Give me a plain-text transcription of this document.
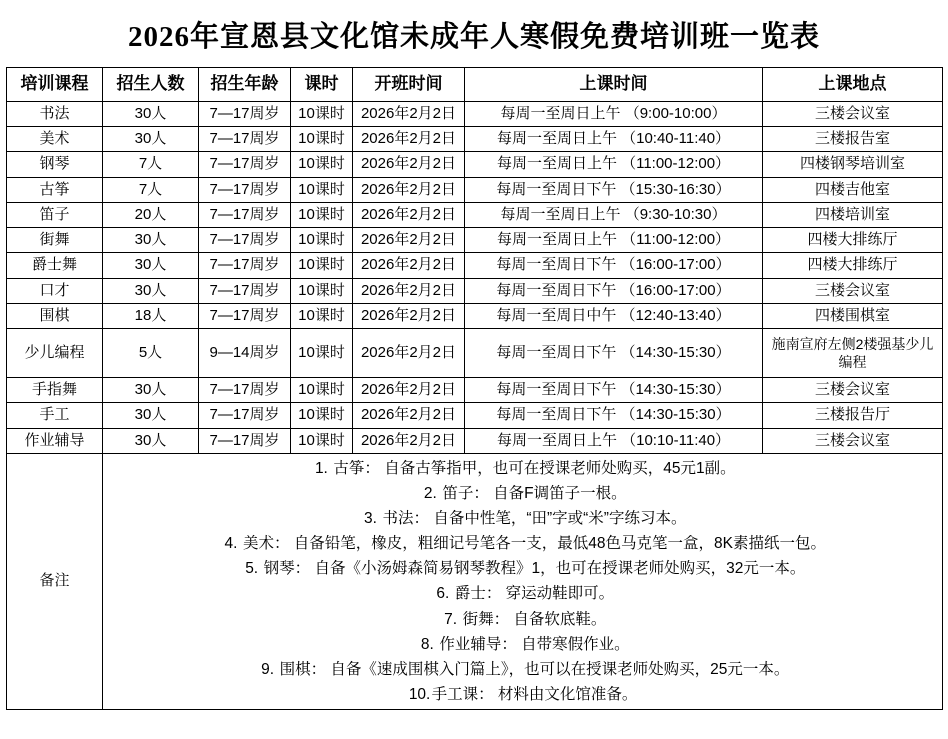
2026年宣恩县文化馆未成年人寒假免费培训班一览表
培训课程	招生人数	招生年龄	课时	开班时间	上课时间	上课地点
书法	30人	7—17周岁	10课时	2026年2月2日	每周一至周日上午 （9:00-10:00）	三楼会议室
美术	30人	7—17周岁	10课时	2026年2月2日	每周一至周日上午 （10:40-11:40）	三楼报告室
钢琴	7人	7—17周岁	10课时	2026年2月2日	每周一至周日上午 （11:00-12:00）	四楼钢琴培训室
古筝	7人	7—17周岁	10课时	2026年2月2日	每周一至周日下午 （15:30-16:30）	四楼吉他室
笛子	20人	7—17周岁	10课时	2026年2月2日	每周一至周日上午 （9:30-10:30）	四楼培训室
街舞	30人	7—17周岁	10课时	2026年2月2日	每周一至周日上午 （11:00-12:00）	四楼大排练厅
爵士舞	30人	7—17周岁	10课时	2026年2月2日	每周一至周日下午 （16:00-17:00）	四楼大排练厅
口才	30人	7—17周岁	10课时	2026年2月2日	每周一至周日下午 （16:00-17:00）	三楼会议室
围棋	18人	7—17周岁	10课时	2026年2月2日	每周一至周日中午 （12:40-13:40）	四楼围棋室
少儿编程	5人	9—14周岁	10课时	2026年2月2日	每周一至周日下午 （14:30-15:30）	施南宣府左侧2楼强基少儿编程
手指舞	30人	7—17周岁	10课时	2026年2月2日	每周一至周日下午 （14:30-15:30）	三楼会议室
手工	30人	7—17周岁	10课时	2026年2月2日	每周一至周日下午 （14:30-15:30）	三楼报告厅
作业辅导	30人	7—17周岁	10课时	2026年2月2日	每周一至周日上午 （10:10-11:40）	三楼会议室
备注	
1. 古筝： 自备古筝指甲，也可在授课老师处购买，45元1副。
2. 笛子： 自备F调笛子一根。
3. 书法： 自备中性笔，“田”字或“米”字练习本。
4. 美术： 自备铅笔，橡皮，粗细记号笔各一支，最低48色马克笔一盒，8K素描纸一包。
5. 钢琴： 自备《小汤姆森简易钢琴教程》1，也可在授课老师处购买，32元一本。
6. 爵士： 穿运动鞋即可。
7. 街舞： 自备软底鞋。
8. 作业辅导： 自带寒假作业。
9. 围棋： 自备《速成围棋入门篇上》，也可以在授课老师处购买，25元一本。
10.手工课： 材料由文化馆准备。
